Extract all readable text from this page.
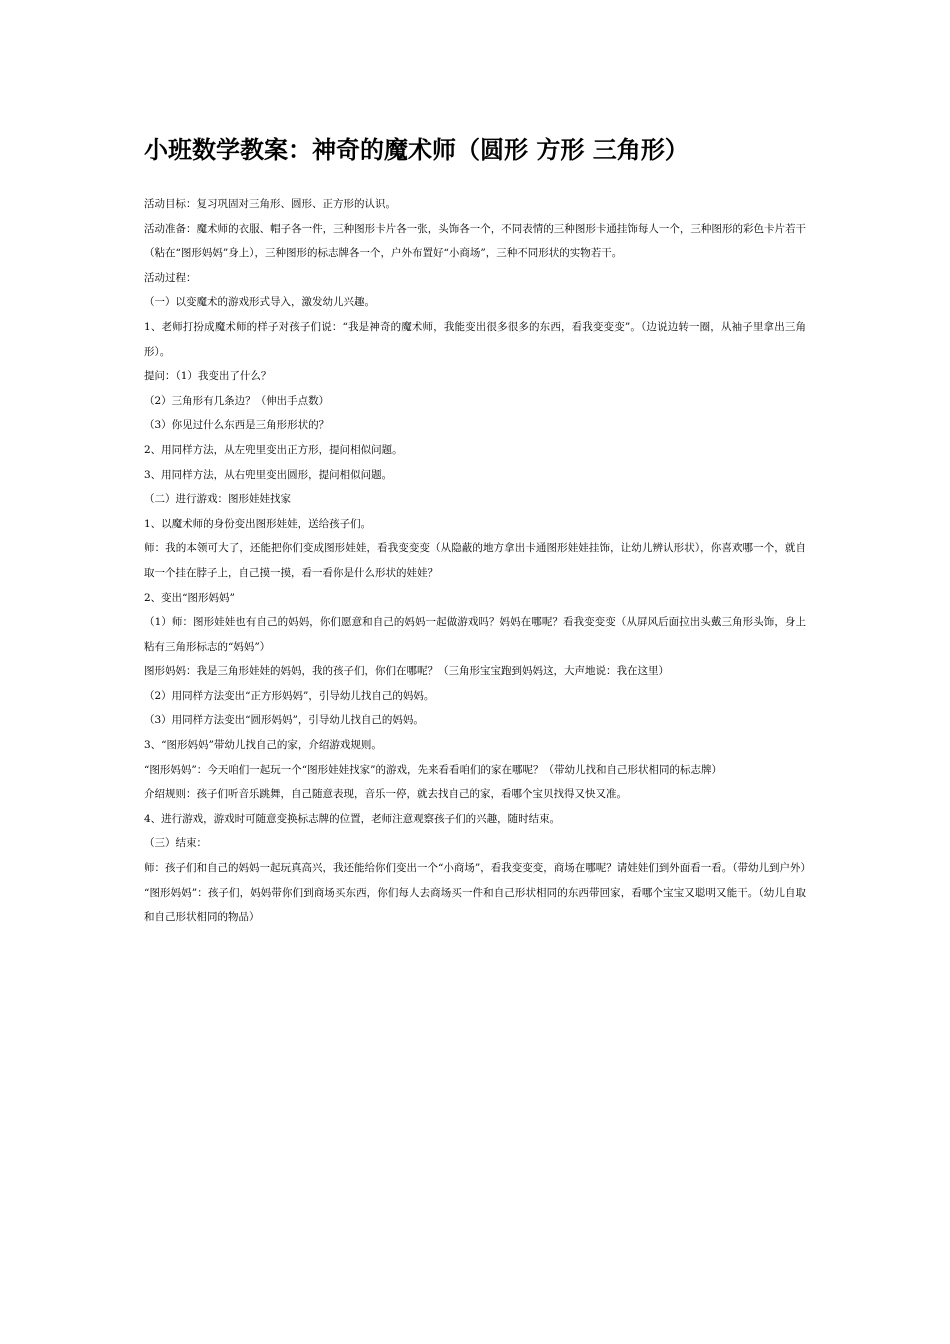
小班数学教案：神奇的魔术师（圆形 方形 三角形）

活动目标：复习巩固对三角形、圆形、正方形的认识。

活动准备：魔术师的衣服、帽子各一件，三种图形卡片各一张，头饰各一个，不同表情的三种图形卡通挂饰每人一个，三种图形的彩色卡片若干（粘在“图形妈妈”身上），三种图形的标志牌各一个，户外布置好“小商场”，三种不同形状的实物若干。

活动过程：

（一）以变魔术的游戏形式导入，激发幼儿兴趣。

1、老师打扮成魔术师的样子对孩子们说：“我是神奇的魔术师，我能变出很多很多的东西，看我变变变”。（边说边转一圈，从袖子里拿出三角形）。

提问：（1）我变出了什么？

（2）三角形有几条边？（伸出手点数）

（3）你见过什么东西是三角形形状的？

2、用同样方法，从左兜里变出正方形，提问相似问题。

3、用同样方法，从右兜里变出圆形，提问相似问题。

（二）进行游戏：图形娃娃找家

1、以魔术师的身份变出图形娃娃，送给孩子们。

师：我的本领可大了，还能把你们变成图形娃娃，看我变变变（从隐蔽的地方拿出卡通图形娃娃挂饰，让幼儿辨认形状），你喜欢哪一个，就自取一个挂在脖子上，自己摸一摸，看一看你是什么形状的娃娃？

2、变出“图形妈妈”

（1）师：图形娃娃也有自己的妈妈，你们愿意和自己的妈妈一起做游戏吗？妈妈在哪呢？看我变变变（从屏风后面拉出头戴三角形头饰，身上粘有三角形标志的“妈妈”）

图形妈妈：我是三角形娃娃的妈妈，我的孩子们，你们在哪呢？（三角形宝宝跑到妈妈这，大声地说：我在这里）

（2）用同样方法变出“正方形妈妈”，引导幼儿找自己的妈妈。

（3）用同样方法变出“圆形妈妈”，引导幼儿找自己的妈妈。

3、“图形妈妈”带幼儿找自己的家，介绍游戏规则。

“图形妈妈”：今天咱们一起玩一个“图形娃娃找家”的游戏，先来看看咱们的家在哪呢？（带幼儿找和自己形状相同的标志牌）

介绍规则：孩子们听音乐跳舞，自己随意表现，音乐一停，就去找自己的家，看哪个宝贝找得又快又准。

4、进行游戏，游戏时可随意变换标志牌的位置，老师注意观察孩子们的兴趣，随时结束。

（三）结束：

师：孩子们和自己的妈妈一起玩真高兴，我还能给你们变出一个“小商场”，看我变变变，商场在哪呢？请娃娃们到外面看一看。（带幼儿到户外）

“图形妈妈”：孩子们，妈妈带你们到商场买东西，你们每人去商场买一件和自己形状相同的东西带回家，看哪个宝宝又聪明又能干。（幼儿自取和自己形状相同的物品）
